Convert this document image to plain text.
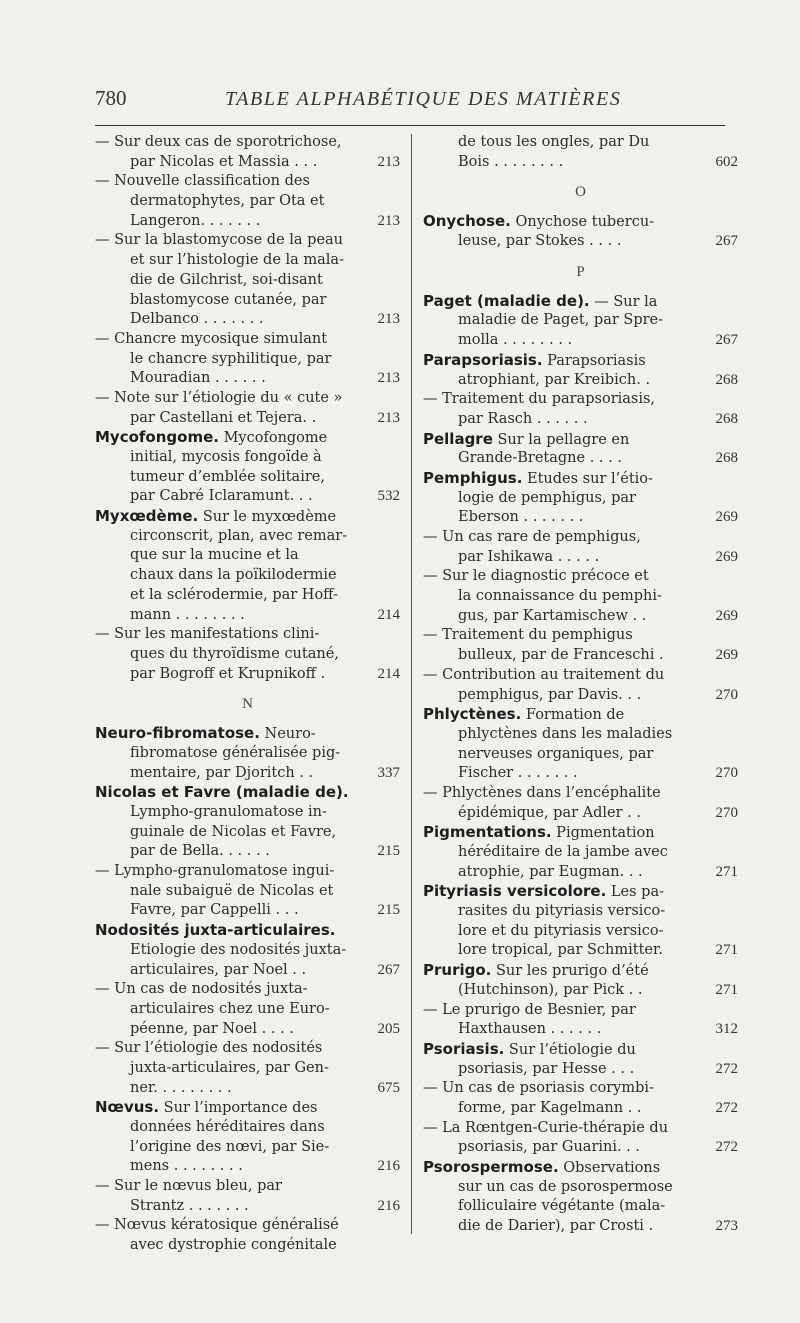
780	TABLE ALPHABÉTIQUE DES MATIÈRES
— Sur deux cas de sporotrichose,
par Nicolas et Massia . . .	213
— Nouvelle classification des
dermatophytes, par Ota et
Langeron. . . . . . .	213
— Sur la blastomycose de la peau
et sur l’histologie de la mala-
die de Gilchrist, soi-disant
blastomycose cutanée, par
Delbanco . . . . . . .	213
— Chancre mycosique simulant
le chancre syphilitique, par
Mouradian . . . . . .	213
— Note sur l’étiologie du « cute »
par Castellani et Tejera. .	213
Mycofongome. Mycofongome
initial, mycosis fongoïde à
tumeur d’emblée solitaire,
par Cabré Iclaramunt. . .	532
Myxœdème. Sur le myxœdème
circonscrit, plan, avec remar-
que sur la mucine et la
chaux dans la poïkilodermie
et la sclérodermie, par Hoff-
mann . . . . . . . .	214
— Sur les manifestations clini-
ques du thyroïdisme cutané,
par Bogroff et Krupnikoff .	214
N
Neuro-fibromatose. Neuro-
fibromatose généralisée pig-
mentaire, par Djoritch . .	337
Nicolas et Favre (maladie de).
Lympho-granulomatose in-
guinale de Nicolas et Favre,
par de Bella. . . . . .	215
— Lympho-granulomatose ingui-
nale subaiguë de Nicolas et
Favre, par Cappelli . . .	215
Nodosités juxta-articulaires.
Etiologie des nodosités juxta-
articulaires, par Noel . .	267
— Un cas de nodosités juxta-
articulaires chez une Euro-
péenne, par Noel . . . .	205
— Sur l’étiologie des nodosités
juxta-articulaires, par Gen-
ner. . . . . . . . .	675
Nœvus. Sur l’importance des
données héréditaires dans
l’origine des nœvi, par Sie-
mens . . . . . . . .	216
— Sur le nœvus bleu, par
Strantz . . . . . . .	216
— Nœvus kératosique généralisé
avec dystrophie congénitale
de tous les ongles, par Du
Bois . . . . . . . .	602
O
Onychose. Onychose tubercu-
leuse, par Stokes . . . .	267
P
Paget (maladie de). — Sur la
maladie de Paget, par Spre-
molla . . . . . . . .	267
Parapsoriasis. Parapsoriasis
atrophiant, par Kreibich. .	268
— Traitement du parapsoriasis,
par Rasch . . . . . .	268
Pellagre Sur la pellagre en
Grande-Bretagne . . . .	268
Pemphigus. Etudes sur l’étio-
logie de pemphigus, par
Eberson . . . . . . .	269
— Un cas rare de pemphigus,
par Ishikawa . . . . .	269
— Sur le diagnostic précoce et
la connaissance du pemphi-
gus, par Kartamischew . .	269
— Traitement du pemphigus
bulleux, par de Franceschi .	269
— Contribution au traitement du
pemphigus, par Davis. . .	270
Phlyctènes. Formation de
phlyctènes dans les maladies
nerveuses organiques, par
Fischer . . . . . . .	270
— Phlyctènes dans l’encéphalite
épidémique, par Adler . .	270
Pigmentations. Pigmentation
héréditaire de la jambe avec
atrophie, par Eugman. . .	271
Pityriasis versicolore. Les pa-
rasites du pityriasis versico-
lore et du pityriasis versico-
lore tropical, par Schmitter.	271
Prurigo. Sur les prurigo d’été
(Hutchinson), par Pick . .	271
— Le prurigo de Besnier, par
Haxthausen . . . . . .	312
Psoriasis. Sur l’étiologie du
psoriasis, par Hesse . . .	272
— Un cas de psoriasis corymbi-
forme, par Kagelmann . .	272
— La Rœntgen-Curie-thérapie du
psoriasis, par Guarini. . .	272
Psorospermose. Observations
sur un cas de psorospermose
folliculaire végétante (mala-
die de Darier), par Crosti .	273
